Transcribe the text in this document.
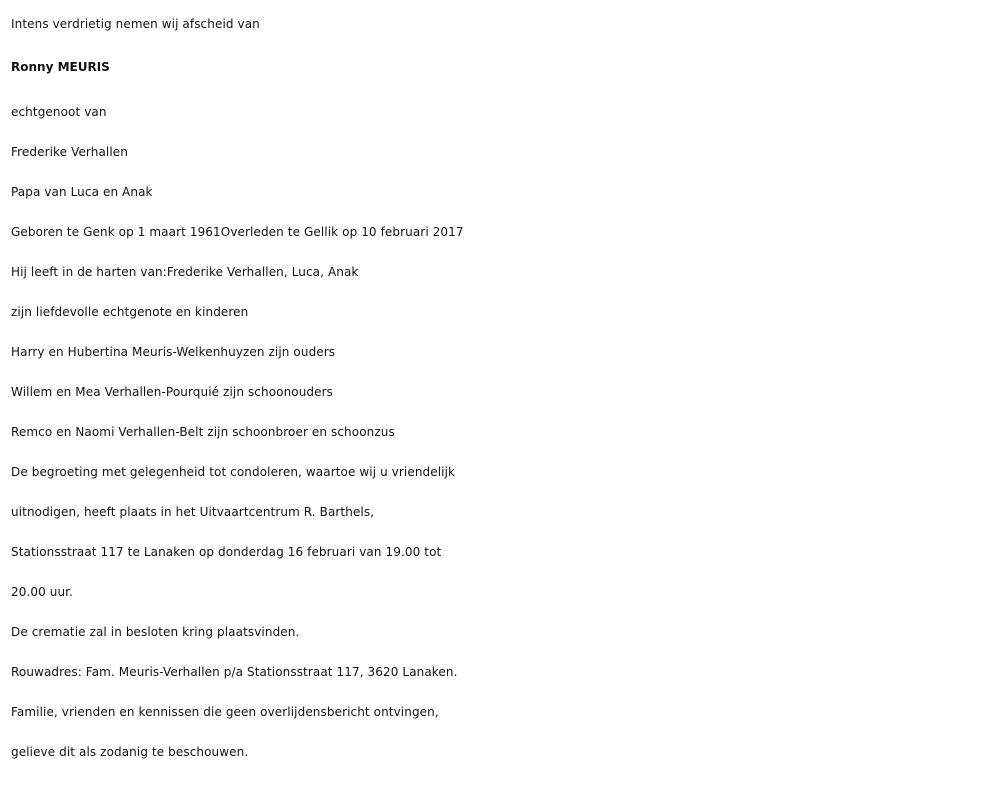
Intens verdrietig nemen wij afscheid van
Ronny MEURIS
echtgenoot van
Frederike Verhallen
Papa van Luca en Anak
Geboren te Genk op 1 maart 1961Overleden te Gellik op 10 februari 2017
Hij leeft in de harten van:Frederike Verhallen, Luca, Anak
zijn liefdevolle echtgenote en kinderen
Harry en Hubertina Meuris-Welkenhuyzen zijn ouders
Willem en Mea Verhallen-Pourquié zijn schoonouders
Remco en Naomi Verhallen-Belt zijn schoonbroer en schoonzus
De begroeting met gelegenheid tot condoleren, waartoe wij u vriendelijk
uitnodigen, heeft plaats in het Uitvaartcentrum R. Barthels,
Stationsstraat 117 te Lanaken op donderdag 16 februari van 19.00 tot
20.00 uur.
De crematie zal in besloten kring plaatsvinden.
Rouwadres: Fam. Meuris-Verhallen p/a Stationsstraat 117, 3620 Lanaken.
Familie, vrienden en kennissen die geen overlijdensbericht ontvingen,
gelieve dit als zodanig te beschouwen.
